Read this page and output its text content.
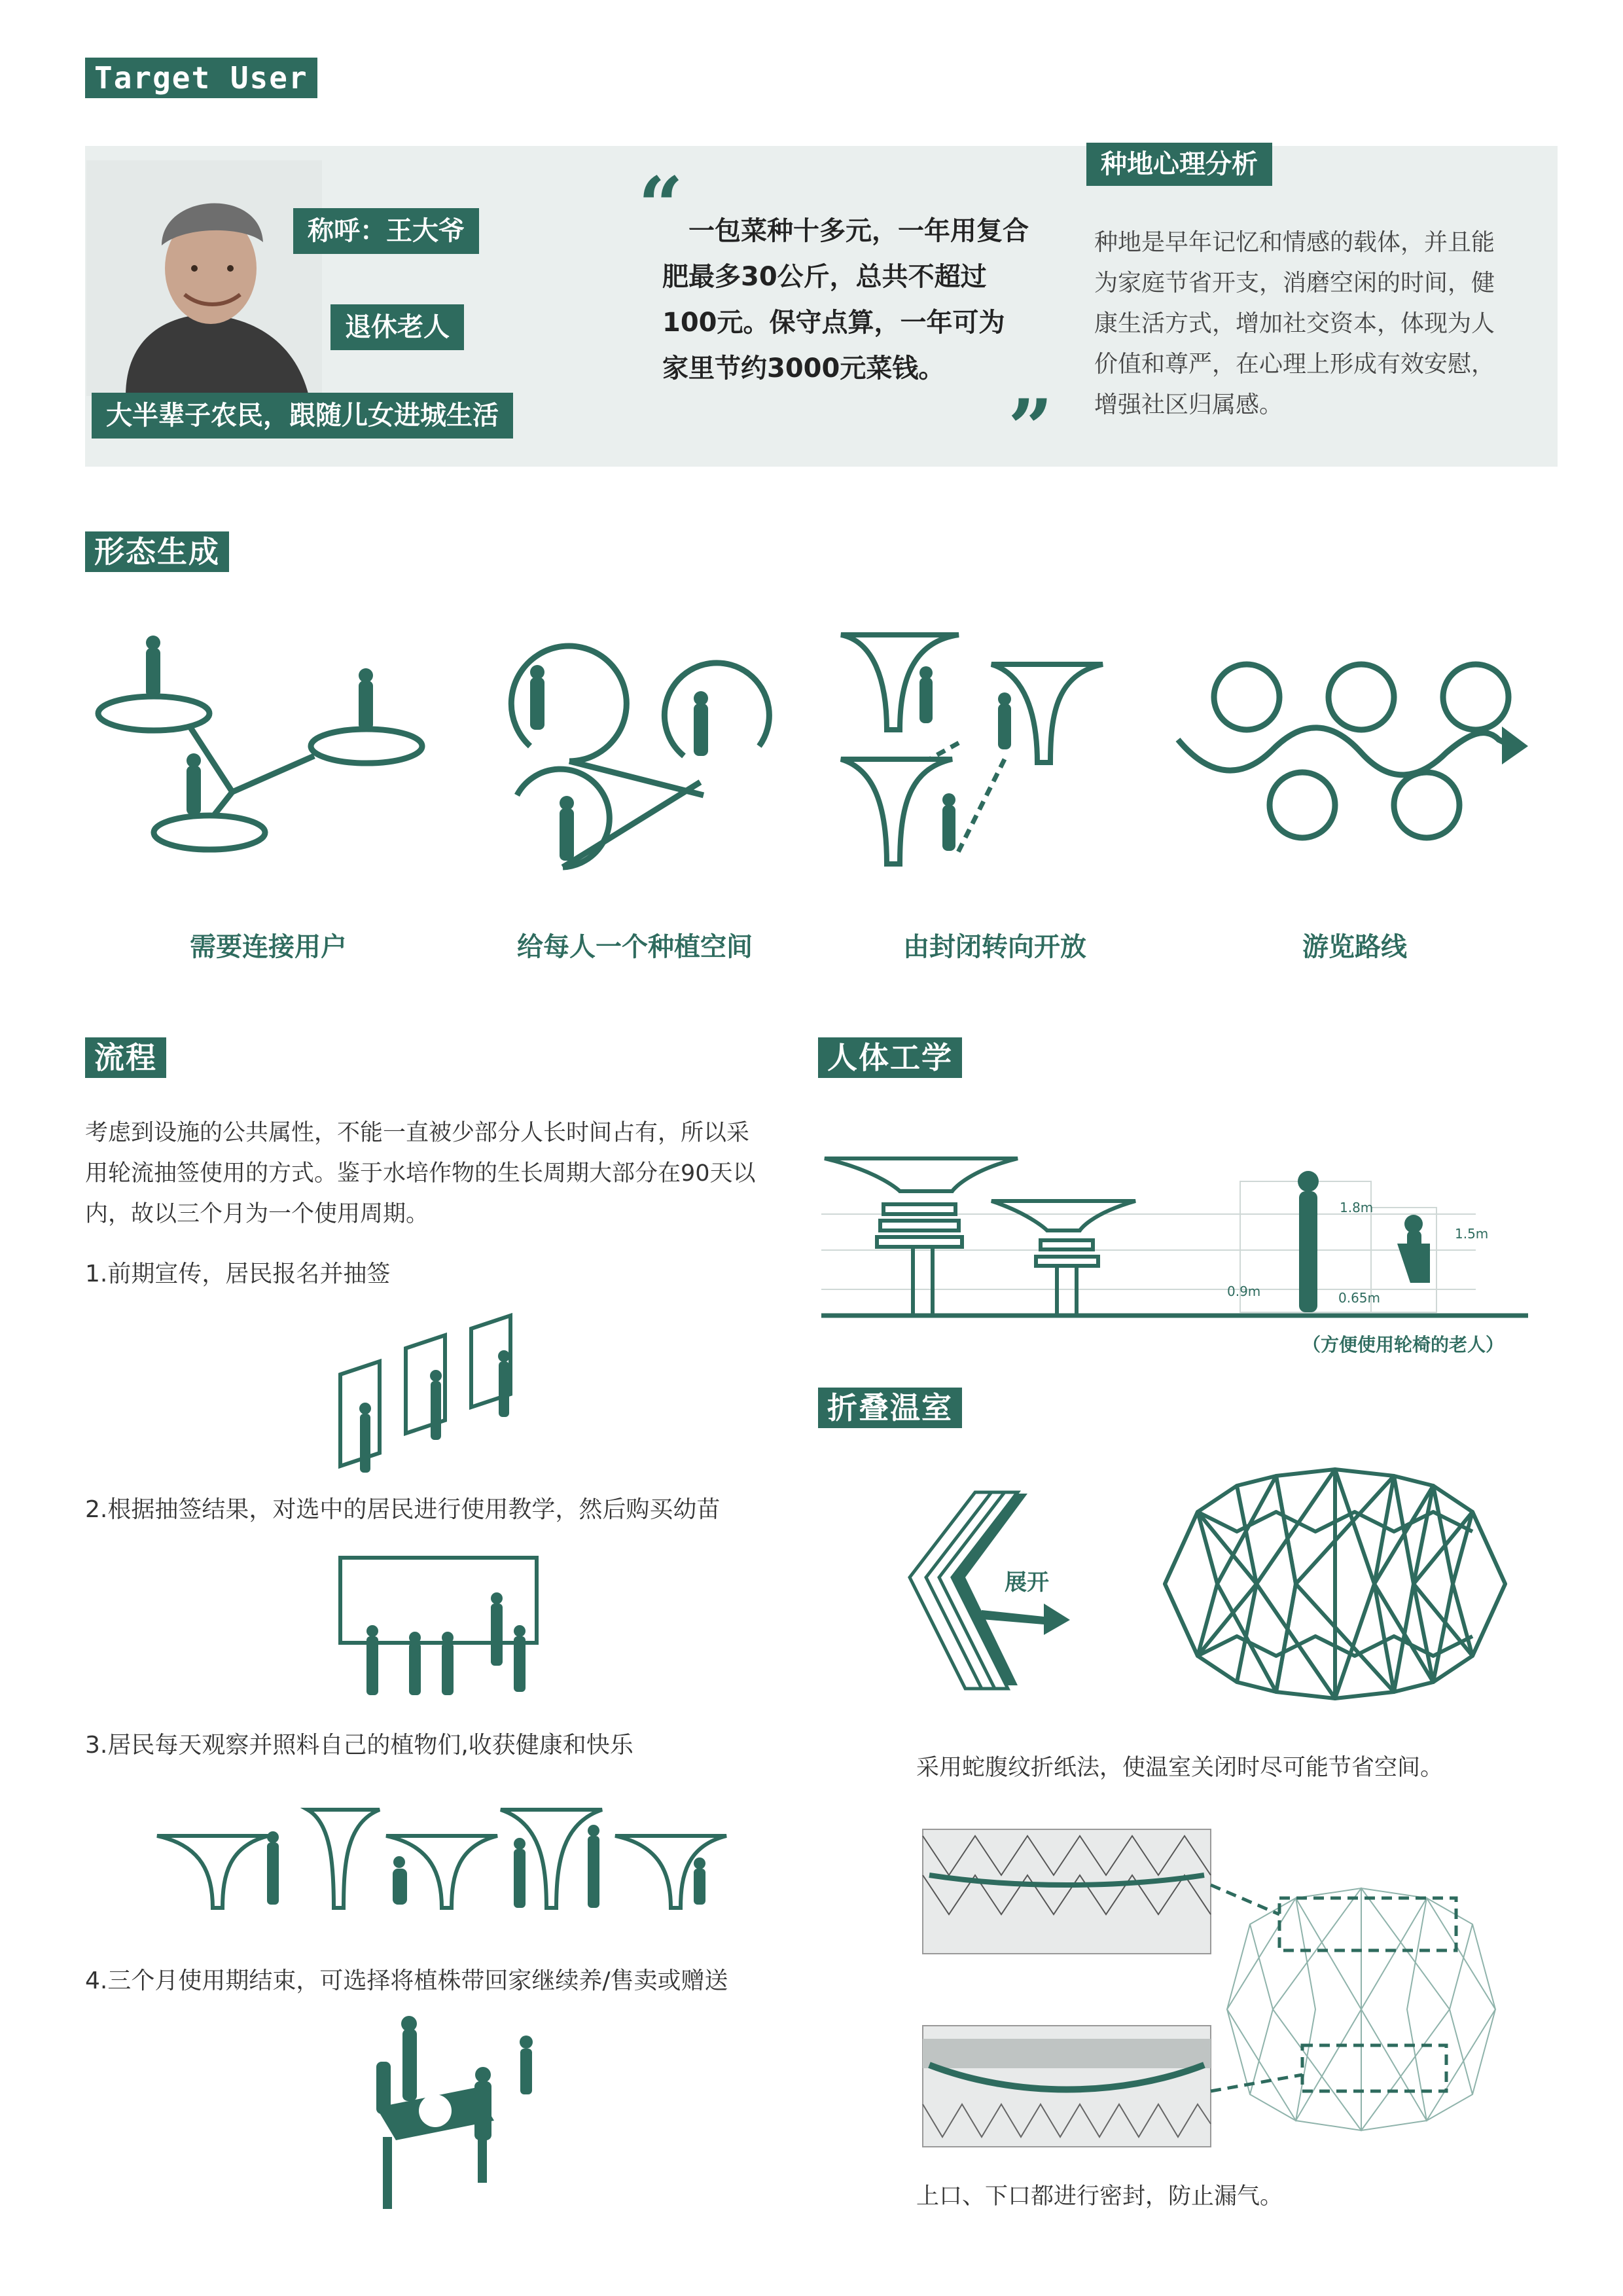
Target User
称呼：王大爷
退休老人
大半辈子农民，跟随儿女进城生活
“
　一包菜种十多元，一年用复合肥最多30公斤，总共不超过100元。保守点算，一年可为家里节约3000元菜钱。
”
种地心理分析
种地是早年记忆和情感的载体，并且能为家庭节省开支，消磨空闲的时间，健康生活方式，增加社交资本，体现为人价值和尊严，在心理上形成有效安慰，增强社区归属感。
形态生成
需要连接用户	给每人一个种植空间	由封闭转向开放	游览路线
流程
考虑到设施的公共属性，不能一直被少部分人长时间占有，所以采用轮流抽签使用的方式。鉴于水培作物的生长周期大部分在90天以内，故以三个月为一个使用周期。
1.前期宣传，居民报名并抽签
2.根据抽签结果，对选中的居民进行使用教学，然后购买幼苗
3.居民每天观察并照料自己的植物们,收获健康和快乐
4.三个月使用期结束，可选择将植株带回家继续养/售卖或赠送
人体工学
1.8m
1.5m
0.9m	0.65m
（方便使用轮椅的老人）
折叠温室
展开
采用蛇腹纹折纸法，使温室关闭时尽可能节省空间。
上口、下口都进行密封，防止漏气。
